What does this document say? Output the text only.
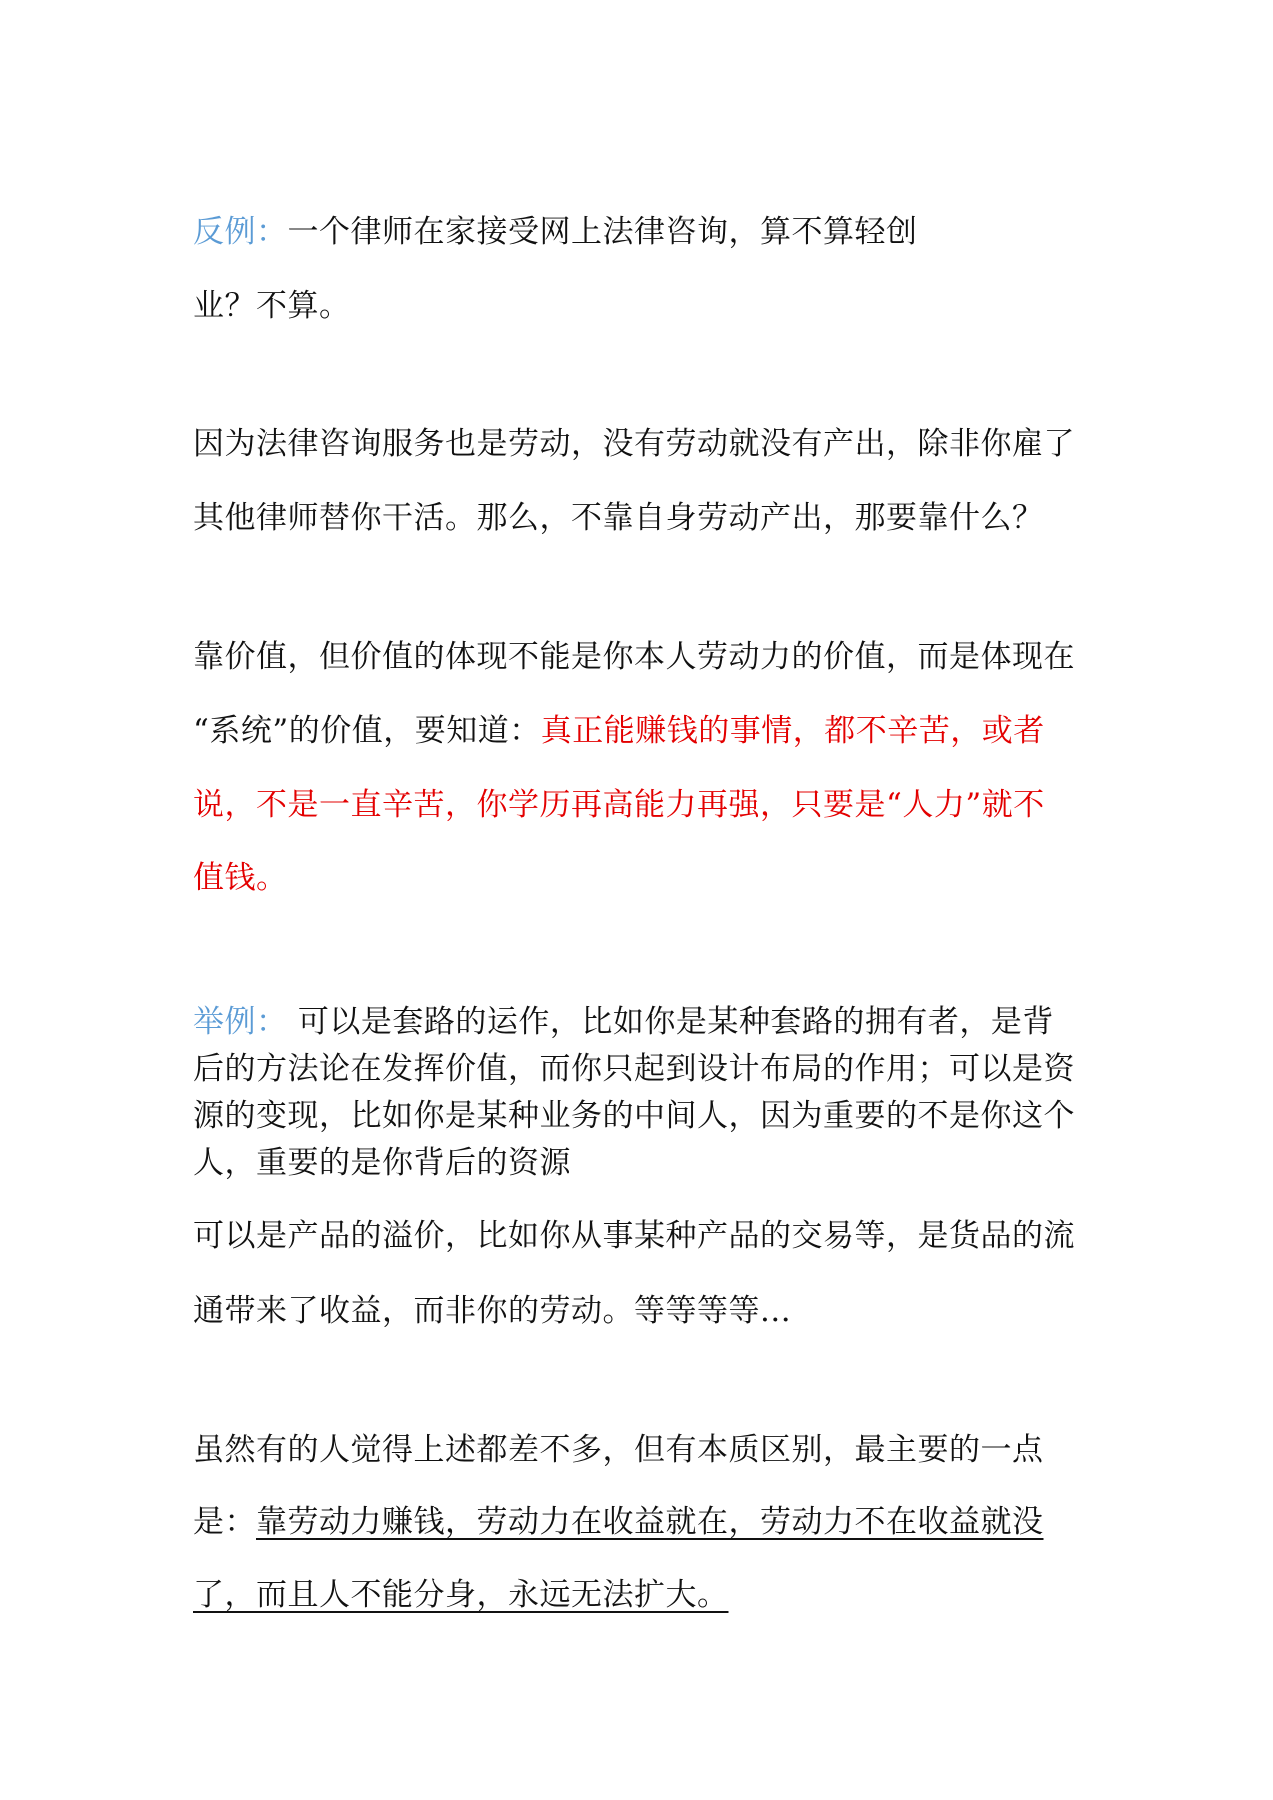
反例：一个律师在家接受网上法律咨询，算不算轻创
业？不算。
因为法律咨询服务也是劳动，没有劳动就没有产出，除非你雇了
其他律师替你干活。那么，不靠自身劳动产出，那要靠什么？
靠价值，但价值的体现不能是你本人劳动力的价值，而是体现在
“系统”的价值，要知道：真正能赚钱的事情，都不辛苦，或者
说，不是一直辛苦，你学历再高能力再强，只要是“人力”就不
值钱。
举例： 可以是套路的运作，比如你是某种套路的拥有者，是背
后的方法论在发挥价值，而你只起到设计布局的作用；可以是资
源的变现，比如你是某种业务的中间人，因为重要的不是你这个
人，重要的是你背后的资源
可以是产品的溢价，比如你从事某种产品的交易等，是货品的流
通带来了收益，而非你的劳动。等等等等...
虽然有的人觉得上述都差不多，但有本质区别，最主要的一点
是：靠劳动力赚钱，劳动力在收益就在，劳动力不在收益就没
了，而且人不能分身，永远无法扩大。
